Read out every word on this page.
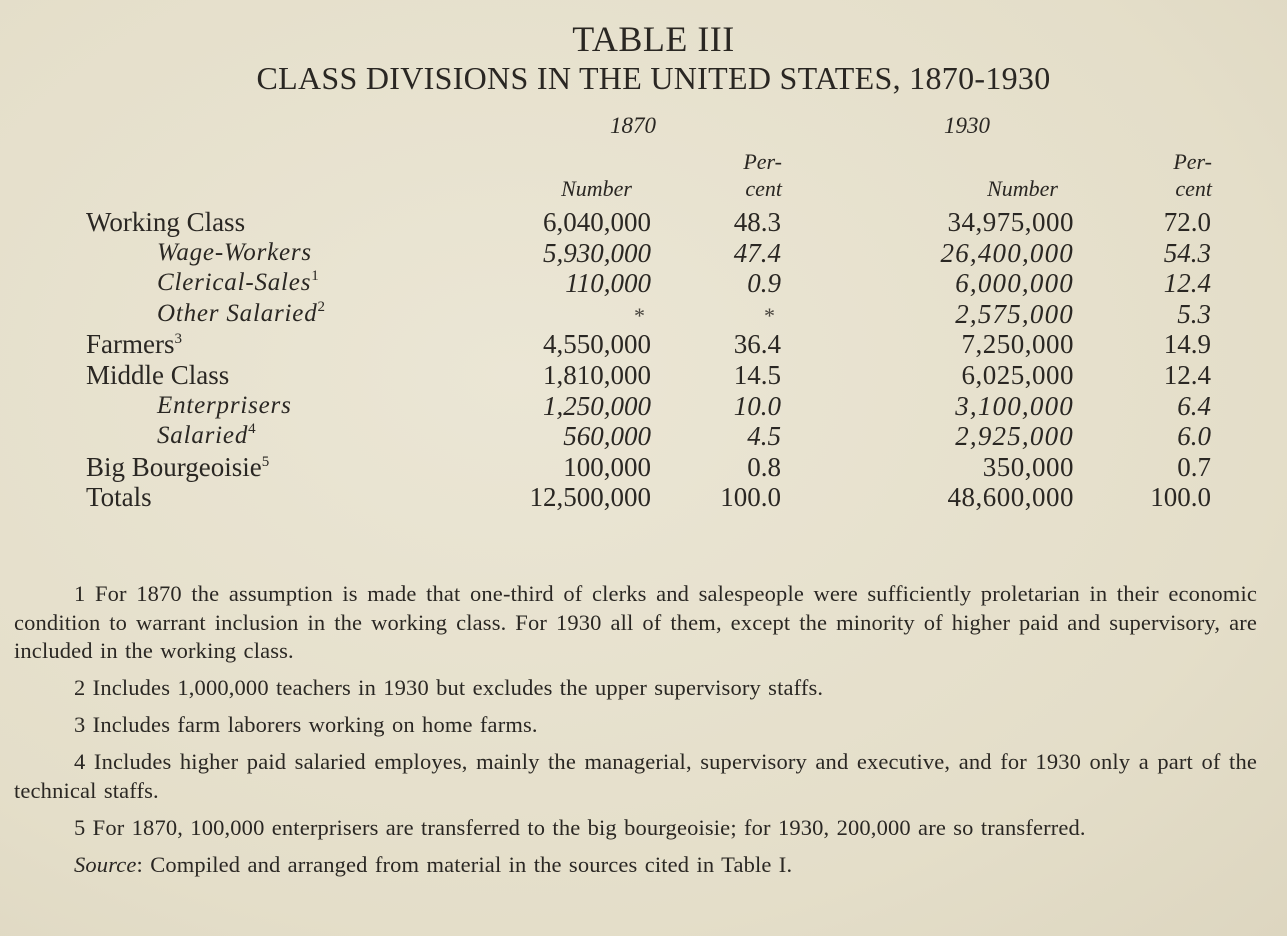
TABLE III
CLASS DIVISIONS IN THE UNITED STATES, 1870-1930
1870	1930
Number
Per-
cent	Number
Per-
cent
Working Class	6,040,000	48.3	34,975,000	72.0
Wage-Workers	5,930,000	47.4	26,400,000	54.3
Clerical-Sales$^1$	110,000	0.9	6,000,000	12.4
Other Salaried$^2$	*	*	2,575,000	5.3
Farmers$^3$	4,550,000	36.4	7,250,000	14.9
Middle Class	1,810,000	14.5	6,025,000	12.4
Enterprisers	1,250,000	10.0	3,100,000	6.4
Salaried$^4$	560,000	4.5	2,925,000	6.0
Big Bourgeoisie$^5$	100,000	0.8	350,000	0.7
Totals	12,500,000	100.0	48,600,000	100.0

1 For 1870 the assumption is made that one-third of clerks and salespeople were sufficiently proletarian in their economic condition to warrant inclusion in the working class. For 1930 all of them, except the minority of higher paid and supervisory, are included in the working class.

2 Includes 1,000,000 teachers in 1930 but excludes the upper supervisory staffs.

3 Includes farm laborers working on home farms.

4 Includes higher paid salaried employes, mainly the managerial, supervisory and executive, and for 1930 only a part of the technical staffs.

5 For 1870, 100,000 enterprisers are transferred to the big bourgeoisie; for 1930, 200,000 are so transferred.

Source: Compiled and arranged from material in the sources cited in Table I.
